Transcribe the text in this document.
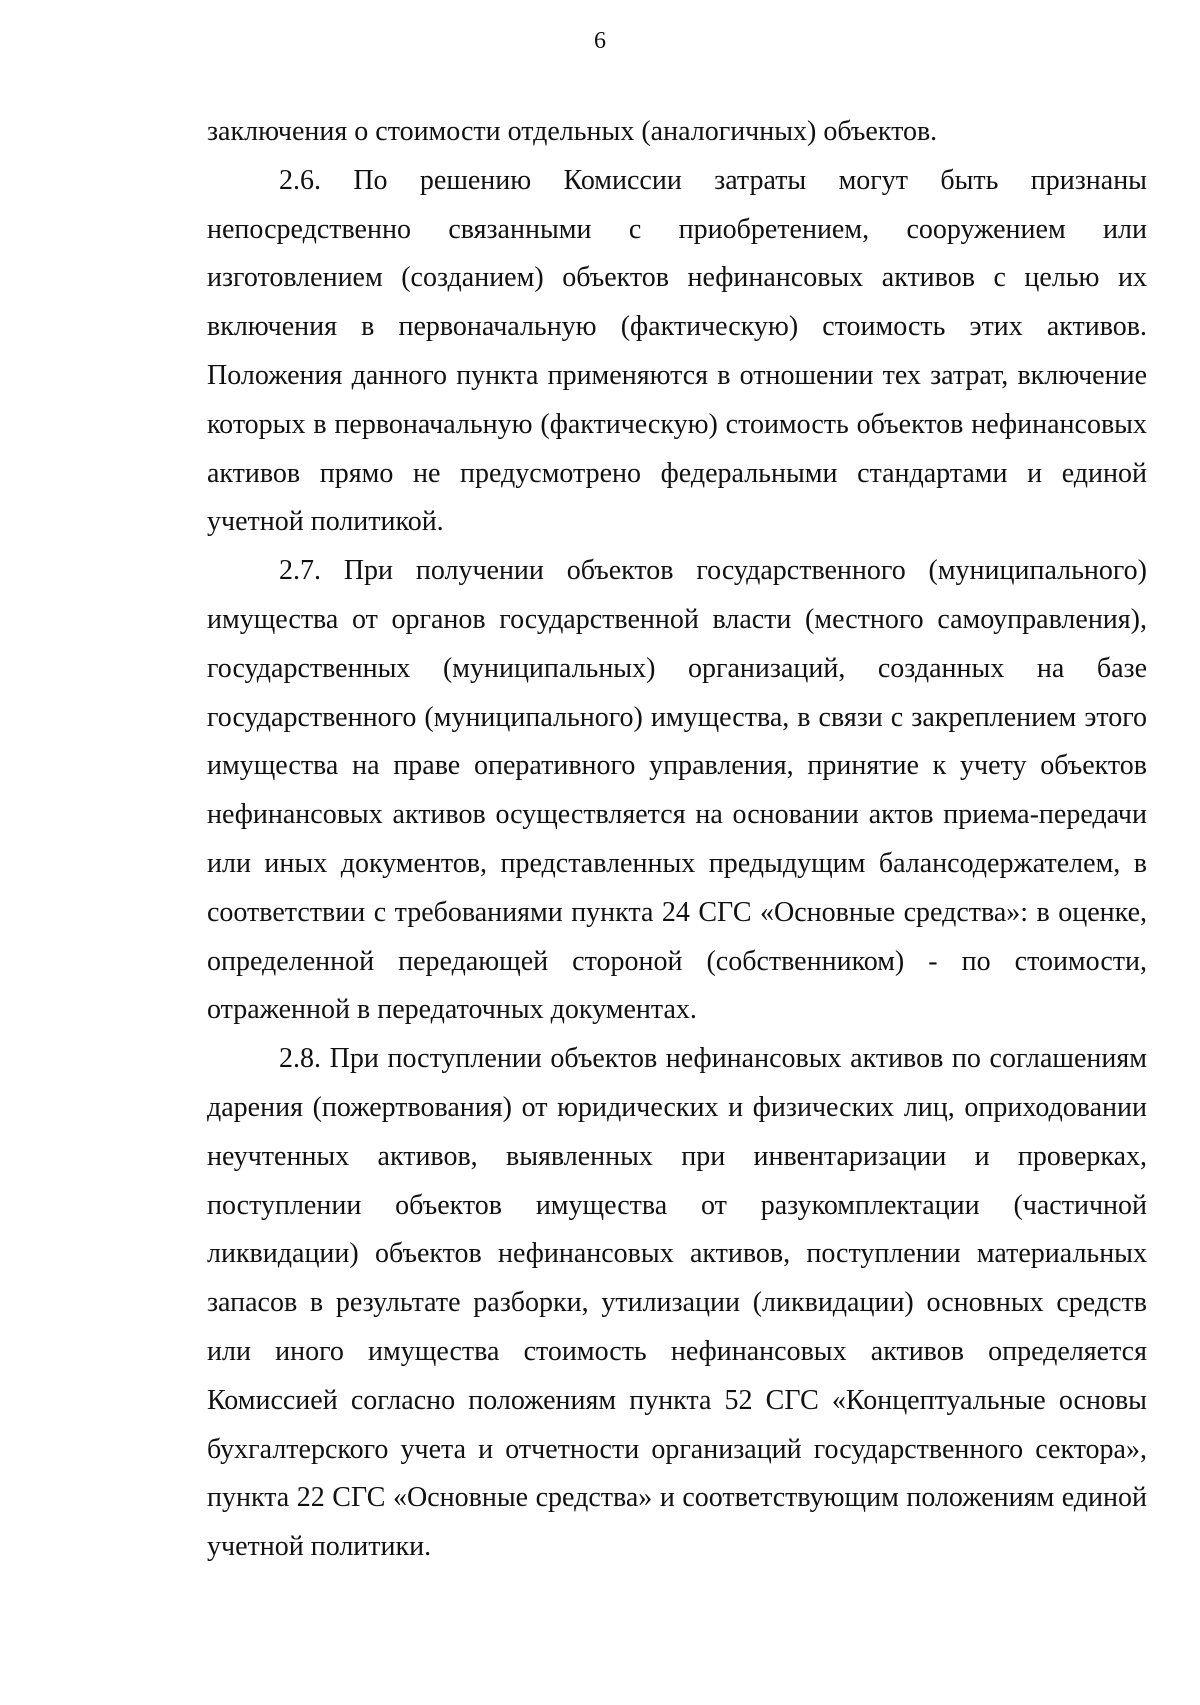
6

заключения о стоимости отдельных (аналогичных) объектов.

2.6. По решению Комиссии затраты могут быть признаны непосредственно связанными с приобретением, сооружением или изготовлением (созданием) объектов нефинансовых активов с целью их включения в первоначальную (фактическую) стоимость этих активов. Положения данного пункта применяются в отношении тех затрат, включение которых в первоначальную (фактическую) стоимость объектов нефинансовых активов прямо не предусмотрено федеральными стандартами и единой учетной политикой.

2.7. При получении объектов государственного (муниципального) имущества от органов государственной власти (местного самоуправления), государственных (муниципальных) организаций, созданных на базе государственного (муниципального) имущества, в связи с закреплением этого имущества на праве оперативного управления, принятие к учету объектов нефинансовых активов осуществляется на основании актов приема-передачи или иных документов, представленных предыдущим балансодержателем, в соответствии с требованиями пункта 24 СГС «Основные средства»: в оценке, определенной передающей стороной (собственником) - по стоимости, отраженной в передаточных документах.

2.8. При поступлении объектов нефинансовых активов по соглашениям дарения (пожертвования) от юридических и физических лиц, оприходовании неучтенных активов, выявленных при инвентаризации и проверках, поступлении объектов имущества от разукомплектации (частичной ликвидации) объектов нефинансовых активов, поступлении материальных запасов в результате разборки, утилизации (ликвидации) основных средств или иного имущества стоимость нефинансовых активов определяется Комиссией согласно положениям пункта 52 СГС «Концептуальные основы бухгалтерского учета и отчетности организаций государственного сектора», пункта 22 СГС «Основные средства» и соответствующим положениям единой учетной политики.
